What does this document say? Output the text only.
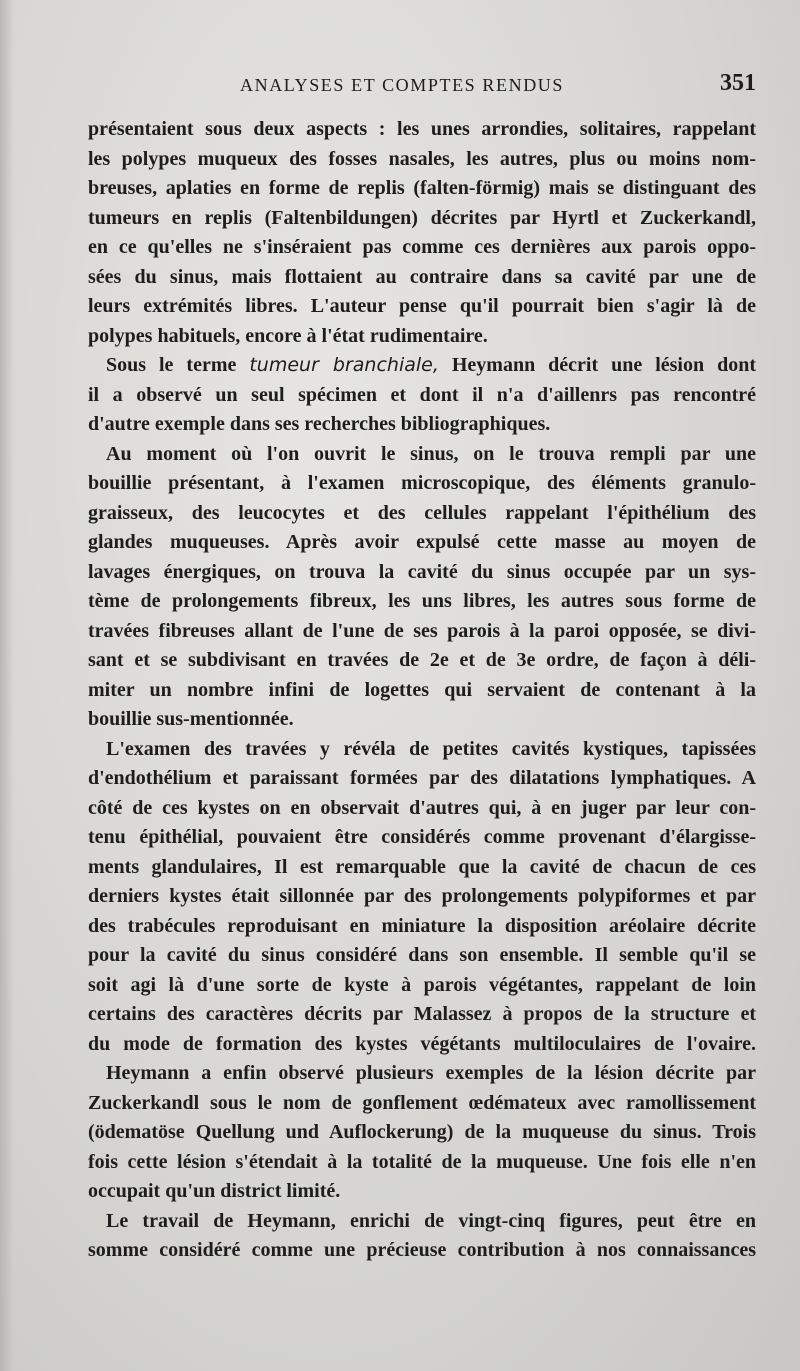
ANALYSES ET COMPTES RENDUS	351
présentaient sous deux aspects : les unes arrondies, solitaires, rappelant
les polypes muqueux des fosses nasales, les autres, plus ou moins nom-
breuses, aplaties en forme de replis (falten-förmig) mais se distinguant des
tumeurs en replis (Faltenbildungen) décrites par Hyrtl et Zuckerkandl,
en ce qu'elles ne s'inséraient pas comme ces dernières aux parois oppo-
sées du sinus, mais flottaient au contraire dans sa cavité par une de
leurs extrémités libres. L'auteur pense qu'il pourrait bien s'agir là de
polypes habituels, encore à l'état rudimentaire.
Sous le terme tumeur branchiale, Heymann décrit une lésion dont
il a observé un seul spécimen et dont il n'a d'aillenrs pas rencontré
d'autre exemple dans ses recherches bibliographiques.
Au moment où l'on ouvrit le sinus, on le trouva rempli par une
bouillie présentant, à l'examen microscopique, des éléments granulo-
graisseux, des leucocytes et des cellules rappelant l'épithélium des
glandes muqueuses. Après avoir expulsé cette masse au moyen de
lavages énergiques, on trouva la cavité du sinus occupée par un sys-
tème de prolongements fibreux, les uns libres, les autres sous forme de
travées fibreuses allant de l'une de ses parois à la paroi opposée, se divi-
sant et se subdivisant en travées de 2e et de 3e ordre, de façon à déli-
miter un nombre infini de logettes qui servaient de contenant à la
bouillie sus-mentionnée.
L'examen des travées y révéla de petites cavités kystiques, tapissées
d'endothélium et paraissant formées par des dilatations lymphatiques. A
côté de ces kystes on en observait d'autres qui, à en juger par leur con-
tenu épithélial, pouvaient être considérés comme provenant d'élargisse-
ments glandulaires, Il est remarquable que la cavité de chacun de ces
derniers kystes était sillonnée par des prolongements polypiformes et par
des trabécules reproduisant en miniature la disposition aréolaire décrite
pour la cavité du sinus considéré dans son ensemble. Il semble qu'il se
soit agi là d'une sorte de kyste à parois végétantes, rappelant de loin
certains des caractères décrits par Malassez à propos de la structure et
du mode de formation des kystes végétants multiloculaires de l'ovaire.
Heymann a enfin observé plusieurs exemples de la lésion décrite par
Zuckerkandl sous le nom de gonflement œdémateux avec ramollissement
(ödematöse Quellung und Auflockerung) de la muqueuse du sinus. Trois
fois cette lésion s'étendait à la totalité de la muqueuse. Une fois elle n'en
occupait qu'un district limité.
Le travail de Heymann, enrichi de vingt-cinq figures, peut être en
somme considéré comme une précieuse contribution à nos connaissances
